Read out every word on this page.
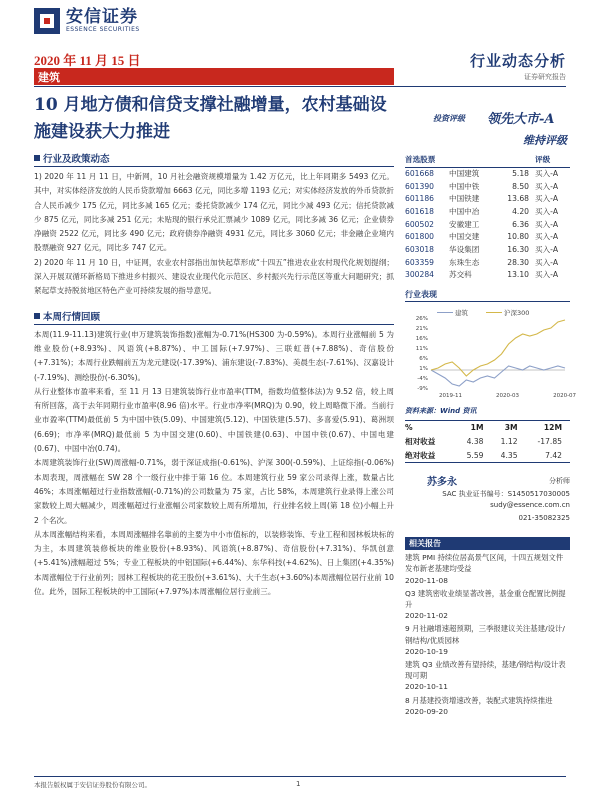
安信证券
ESSENCE SECURITIES
2020 年 11 月 15 日	行业动态分析
建筑	证券研究报告
10 月地方债和信贷支撑社融增量，农村基础设施建设获大力推进
投资评级 领先大市-A
维持评级
行业及政策动态

1) 2020 年 11 月 11 日，中新网，10 月社会融资规模增量为 1.42 万亿元，比上年同期多 5493 亿元。其中，对实体经济发放的人民币贷款增加 6663 亿元，同比多增 1193 亿元；对实体经济发放的外币贷款折合人民币减少 175 亿元，同比多减 165 亿元；委托贷款减少 174 亿元，同比少减 493 亿元；信托贷款减少 875 亿元，同比多减 251 亿元；未贴现的银行承兑汇票减少 1089 亿元，同比多减 36 亿元；企业债券净融资 2522 亿元，同比多 490 亿元；政府债券净融资 4931 亿元，同比多 3060 亿元；非金融企业境内股票融资 927 亿元，同比多 747 亿元。

2) 2020 年 11 月 10 日，中证网，农业农村部指出加快起草形成“十四五”推进农业农村现代化规划提纲；深入开展双循环新格局下推进乡村振兴、建设农业现代化示范区、乡村振兴先行示范区等重大问题研究；抓紧起草支持脱贫地区特色产业可持续发展的指导意见。

本周行情回顾

本周(11.9-11.13)建筑行业(申万建筑装饰指数)涨幅为-0.71%(HS300 为-0.59%)。本周行业涨幅前 5 为维业股份(+8.93%)、风语筑(+8.87%)、中工国际(+7.97%)、三联虹普(+7.88%)、奇信股份(+7.31%)；本周行业跌幅前五为龙元建设(-17.39%)、浦东建设(-7.83%)、美晨生态(-7.61%)、汉嘉设计(-7.19%)、测绘股份(-6.30%)。

从行业整体市盈率来看，至 11 月 13 日建筑装饰行业市盈率(TTM，指数均值整体法)为 9.52 倍，较上周有所回落，高于去年同期行业市盈率(8.96 倍)水平。行业市净率(MRQ)为 0.90，较上周略微下滑。当前行业市盈率(TTM)最低前 5 为中国中铁(5.09)、中国建筑(5.12)、中国铁建(5.57)、多喜爱(5.91)、葛洲坝(6.69)；市净率(MRQ)最低前 5 为中国交建(0.60)、中国铁建(0.63)、中国中铁(0.67)、中国电建(0.67)、中国中冶(0.74)。

本周建筑装饰行业(SW)周涨幅-0.71%，弱于深证成指(-0.61%)、沪深 300(-0.59%)、上证综指(-0.06%)本周表现，周涨幅在 SW 28 个一级行业中排于第 16 位。本周建筑行业 59 家公司录得上涨，数量占比 46%；本周涨幅超过行业指数涨幅(-0.71%)的公司数量为 75 家，占比 58%，本周建筑行业录得上涨公司家数较上周大幅减少，周涨幅超过行业涨幅公司家数较上周有所增加，行业排名较上周(第 18 位)小幅上升 2 个名次。

从本周涨幅结构来看，本周周涨幅排名靠前的主要为中小市值标的，以装修装饰、专业工程和园林板块标的为主，本周建筑装修板块的维业股份(+8.93%)、风语筑(+8.87%)、奇信股份(+7.31%)、华凯创意(+5.41%)涨幅超过 5%；专业工程板块的中铝国际(+6.44%)、东华科技(+4.62%)、日上集团(+4.35%)本周涨幅位于行业前列；园林工程板块的花王股份(+3.61%)、大千生态(+3.60%)本周涨幅位居行业前 10 位。此外，国际工程板块的中工国际(+7.97%)本周涨幅位居行业前三。

首选股票			评级
601668	中国建筑	5.18	买入-A
601390	中国中铁	8.50	买入-A
601186	中国铁建	13.68	买入-A
601618	中国中冶	4.20	买入-A
600502	安徽建工	6.36	买入-A
601800	中国交建	10.80	买入-A
603018	华设集团	16.30	买入-A
603359	东珠生态	28.30	买入-A
300284	苏交科	13.10	买入-A
行业表现
建筑	沪深300
26%
21%
16%
11%
6%
1%
-4%
-9%
2019-11	2020-03	2020-07
资料来源：Wind 资讯
%	1M	3M	12M
相对收益	4.38	1.12	-17.85
绝对收益	5.59	4.35	7.42
苏多永	分析师
SAC 执业证书编号：S1450517030005
sudy@essence.com.cn
021-35082325
相关报告
建筑 PMI 持续位居高景气区间，十四五规划文件发布新老基建均受益
2020-11-08
Q3 建筑密收业绩显著改善，基金重仓配置比例提升
2020-11-02
9 月社融增速超预期，三季报建议关注基建/设计/钢结构/优质园林
2020-10-19
建筑 Q3 业绩改善有望持续，基建/钢结构/设计表现可期
2020-10-11
8 月基建投资增速改善，装配式建筑持续推进
2020-09-20
本报告版权属于安信证券股份有限公司。	1
